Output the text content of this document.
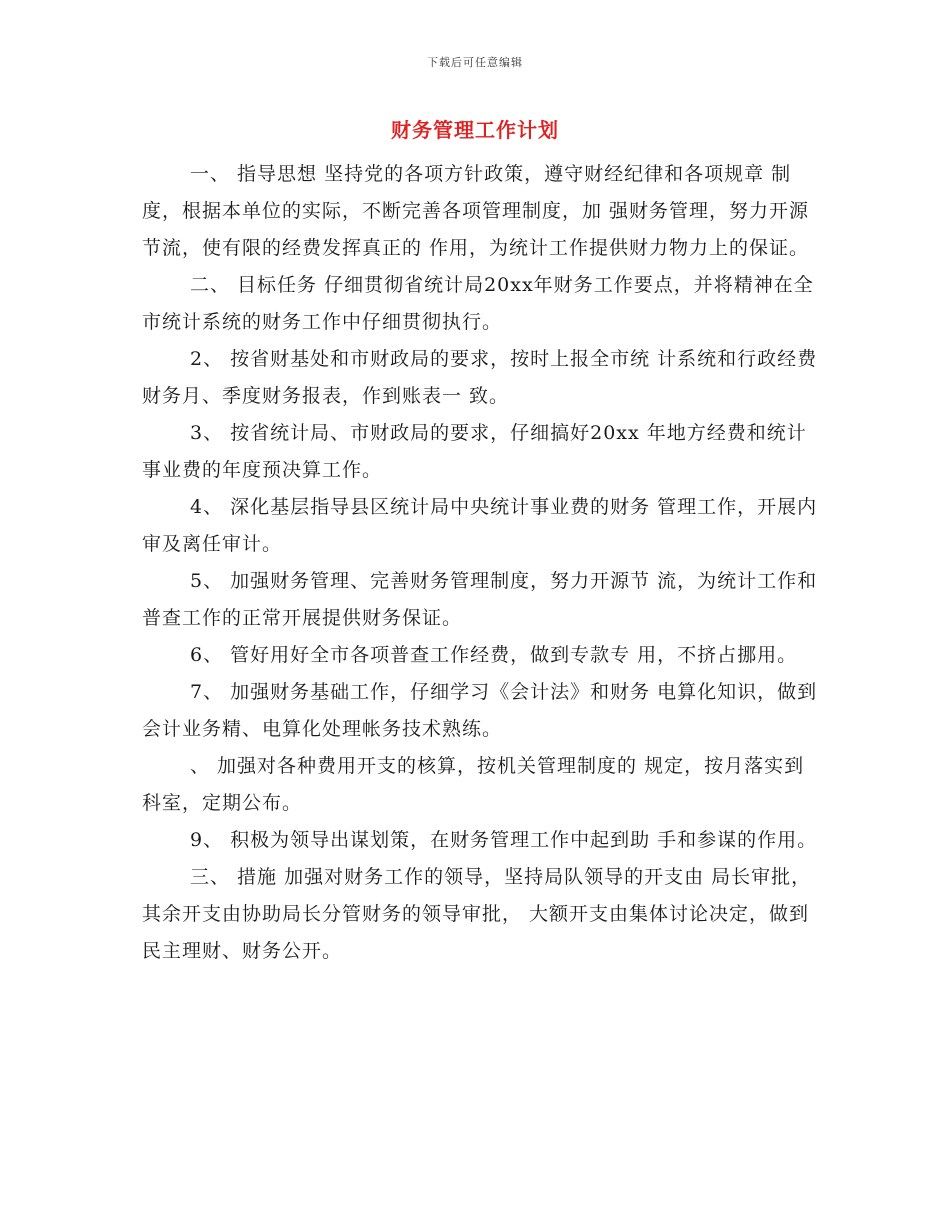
下载后可任意编辑
财务管理工作计划

一、 指导思想 坚持党的各项方针政策，遵守财经纪律和各项规章 制度，根据本单位的实际，不断完善各项管理制度，加 强财务管理，努力开源节流，使有限的经费发挥真正的 作用，为统计工作提供财力物力上的保证。

二、 目标任务 仔细贯彻省统计局20xx年财务工作要点，并将精神在全市统计系统的财务工作中仔细贯彻执行。

2、 按省财基处和市财政局的要求，按时上报全市统 计系统和行政经费财务月、季度财务报表，作到账表一 致。

3、 按省统计局、市财政局的要求，仔细搞好20xx 年地方经费和统计事业费的年度预决算工作。

4、 深化基层指导县区统计局中央统计事业费的财务 管理工作，开展内审及离任审计。

5、 加强财务管理、完善财务管理制度，努力开源节 流，为统计工作和普查工作的正常开展提供财务保证。

6、 管好用好全市各项普查工作经费，做到专款专 用，不挤占挪用。

7、 加强财务基础工作，仔细学习《会计法》和财务 电算化知识，做到会计业务精、电算化处理帐务技术熟练。

、 加强对各种费用开支的核算，按机关管理制度的 规定，按月落实到科室，定期公布。

9、 积极为领导出谋划策，在财务管理工作中起到助 手和参谋的作用。

三、 措施 加强对财务工作的领导，坚持局队领导的开支由 局长审批，其余开支由协助局长分管财务的领导审批， 大额开支由集体讨论决定，做到民主理财、财务公开。
